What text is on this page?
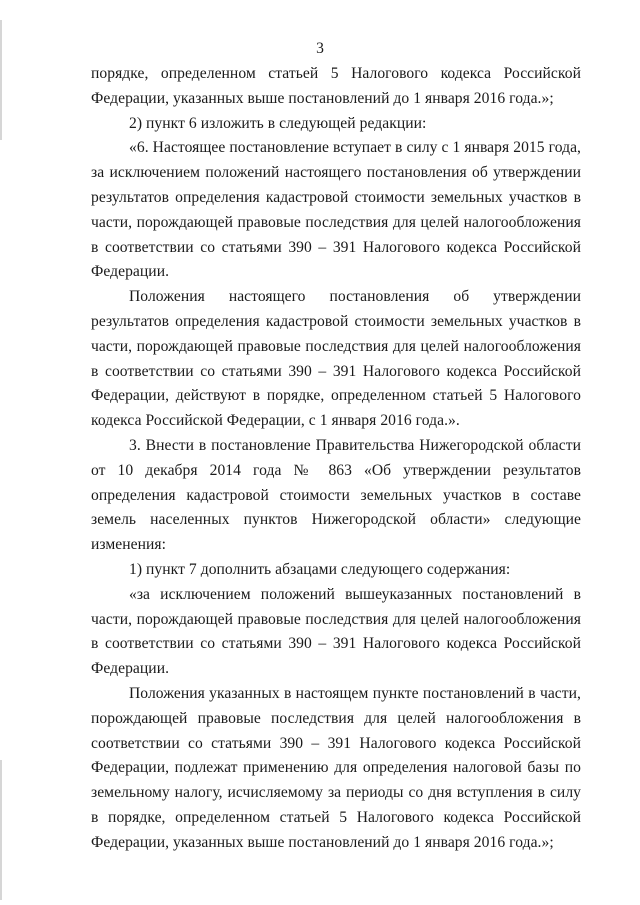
3
порядке, определенном статьей 5 Налогового кодекса Российской

Федерации, указанных выше постановлений до 1 января 2016 года.»;

2) пункт 6 изложить в следующей редакции:

«6. Настоящее постановление вступает в силу с 1 января 2015 года, за исключением положений настоящего постановления об утверждении результатов определения кадастровой стоимости земельных участков в части, порождающей правовые последствия для целей налогообложения в соответствии со статьями 390 – 391 Налогового кодекса Российской Федерации.

Положения настоящего постановления об утверждении результатов определения кадастровой стоимости земельных участков в части, порождающей правовые последствия для целей налогообложения в соответствии со статьями 390 – 391 Налогового кодекса Российской Федерации, действуют в порядке, определенном статьей 5 Налогового кодекса Российской Федерации, с 1 января 2016 года.».

3. Внести в постановление Правительства Нижегородской области от 10 декабря 2014 года № 863 «Об утверждении результатов определения кадастровой стоимости земельных участков в составе земель населенных пунктов Нижегородской области» следующие изменения:

1) пункт 7 дополнить абзацами следующего содержания:

«за исключением положений вышеуказанных постановлений в части, порождающей правовые последствия для целей налогообложения в соответствии со статьями 390 – 391 Налогового кодекса Российской Федерации.

Положения указанных в настоящем пункте постановлений в части, порождающей правовые последствия для целей налогообложения в соответствии со статьями 390 – 391 Налогового кодекса Российской Федерации, подлежат применению для определения налоговой базы по земельному налогу, исчисляемому за периоды со дня вступления в силу в порядке, определенном статьей 5 Налогового кодекса Российской Федерации, указанных выше постановлений до 1 января 2016 года.»;
